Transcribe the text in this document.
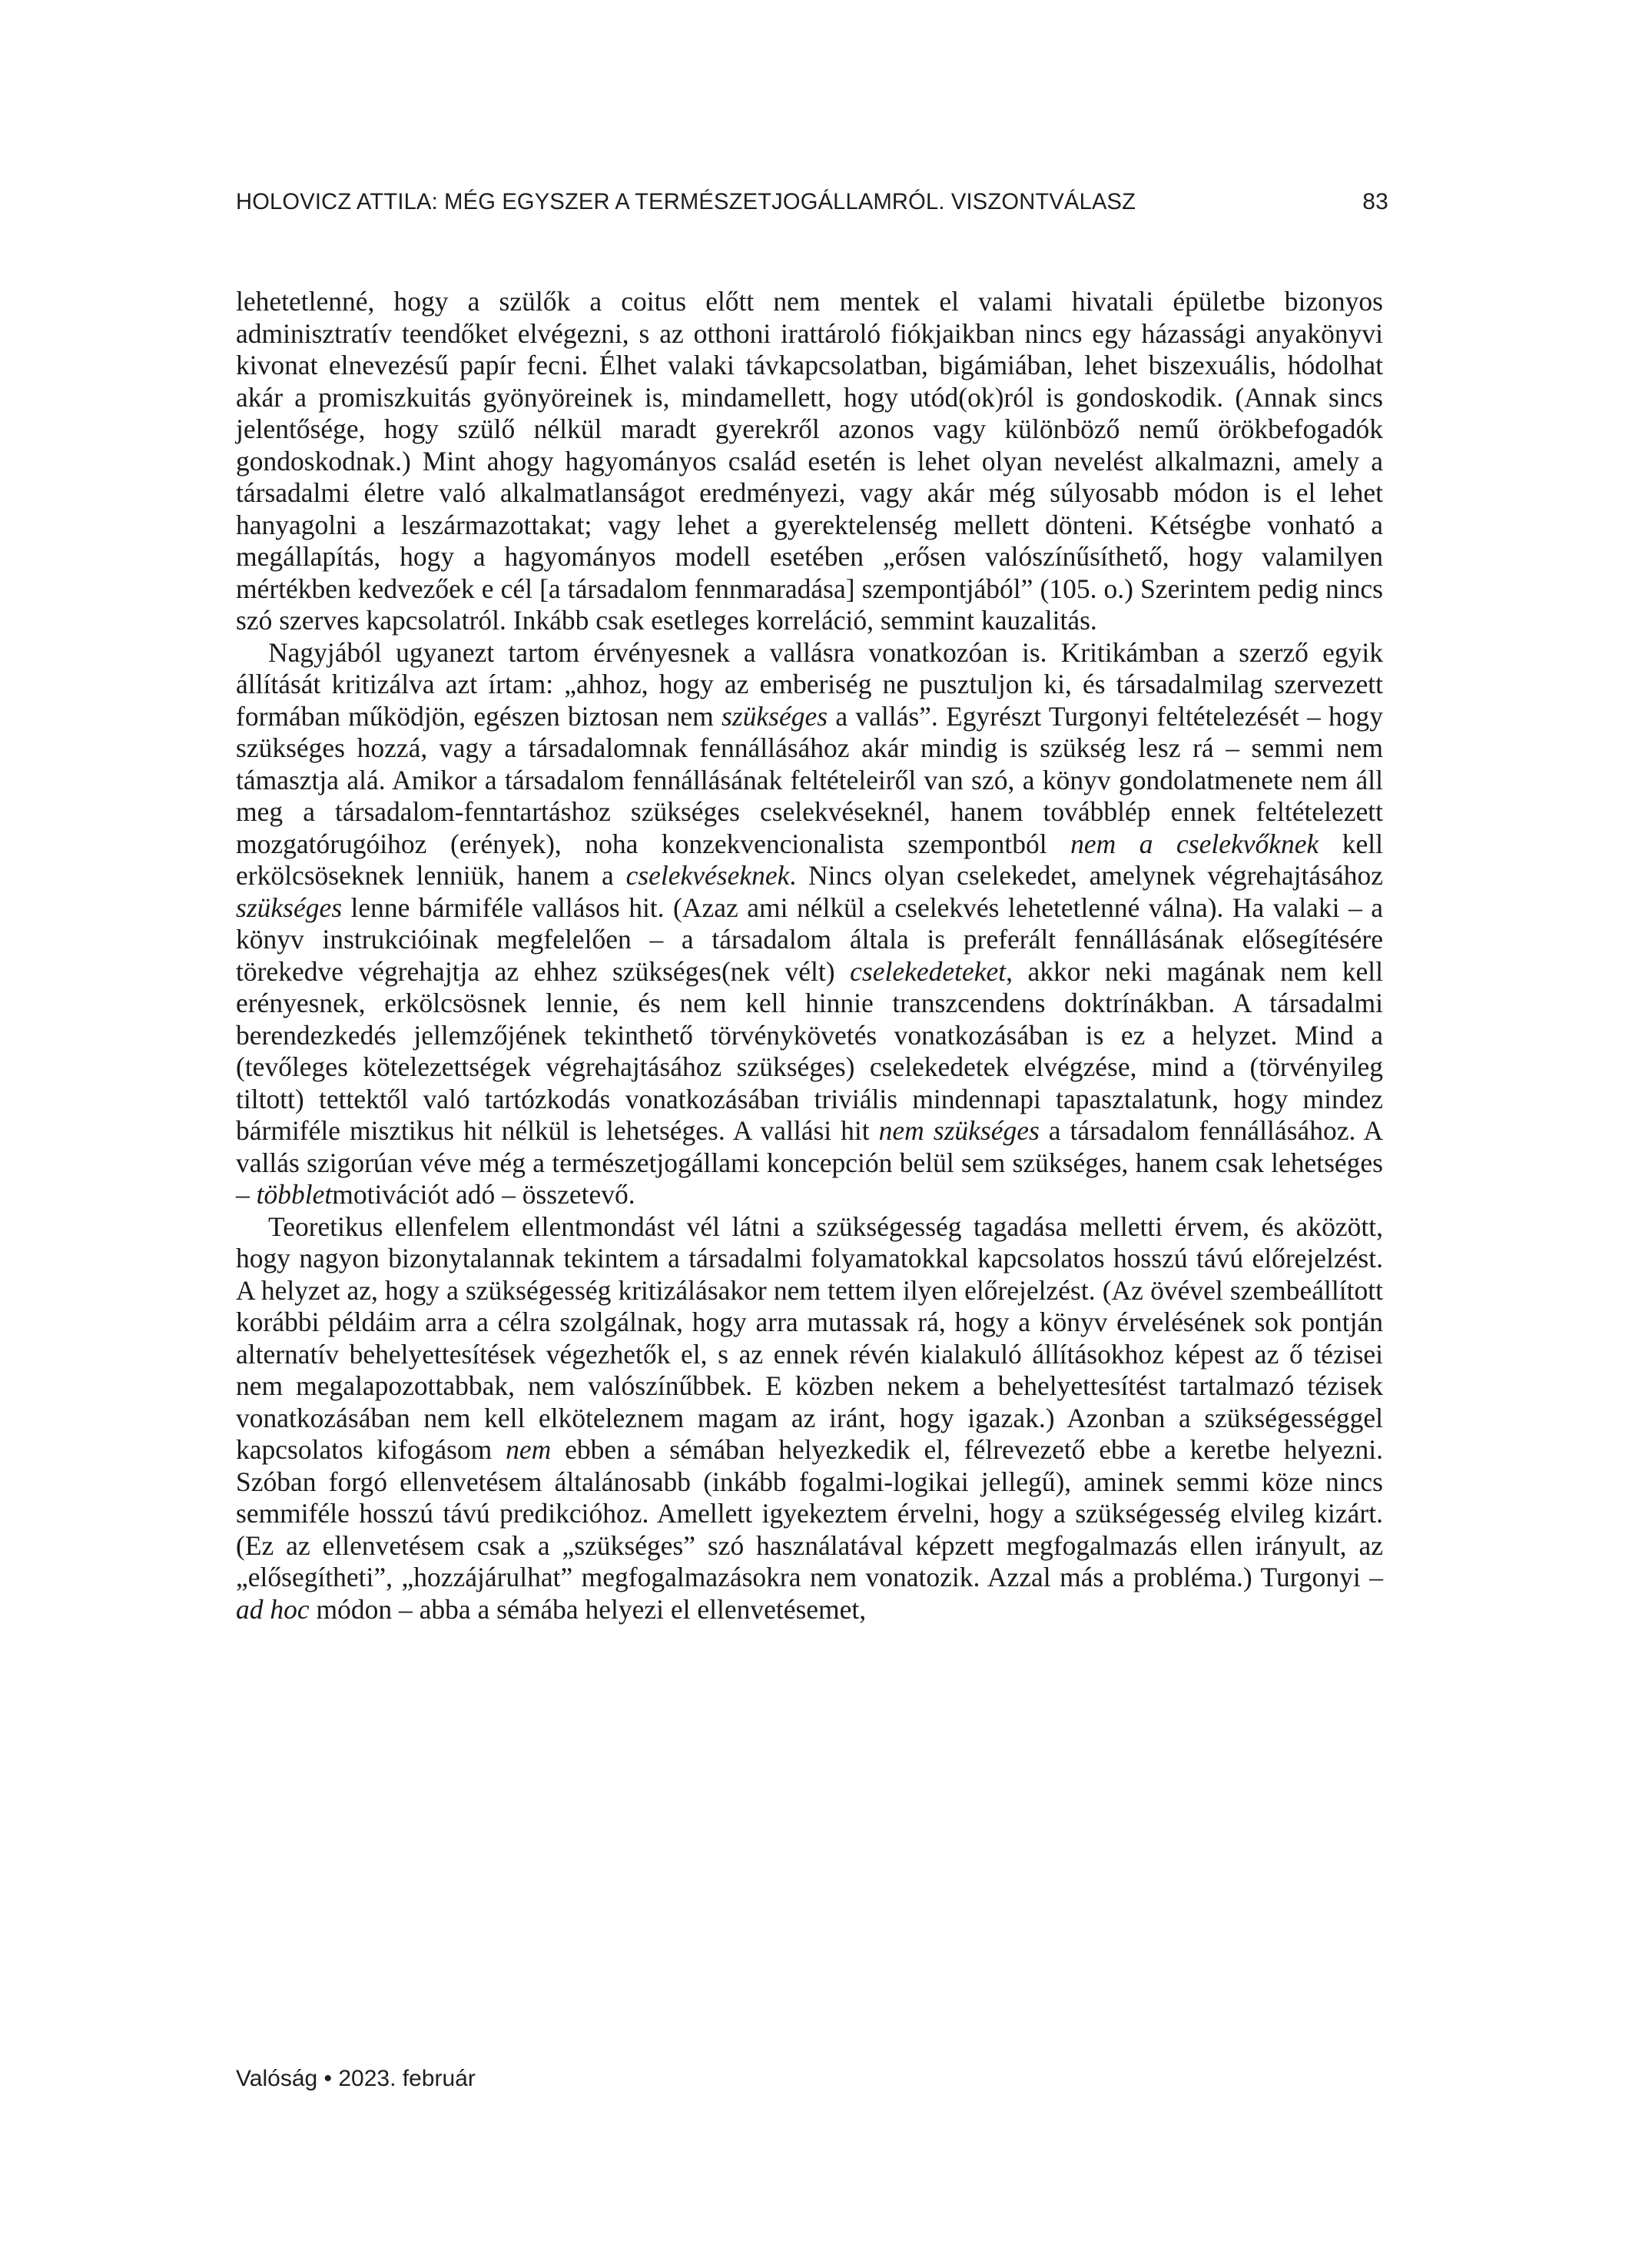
HOLOVICZ ATTILA: MÉG EGYSZER A TERMÉSZETJOGÁLLAMRÓL. VISZONTVÁLASZ	83

lehetetlenné, hogy a szülők a coitus előtt nem mentek el valami hivatali épületbe bizonyos adminisztratív teendőket elvégezni, s az otthoni irattároló fiókjaikban nincs egy házassági anyakönyvi kivonat elnevezésű papír fecni. Élhet valaki távkapcsolatban, bigámiában, lehet biszexuális, hódolhat akár a promiszkuitás gyönyöreinek is, mindamellett, hogy utód(ok)ról is gondoskodik. (Annak sincs jelentősége, hogy szülő nélkül maradt gyerekről azonos vagy különböző nemű örökbefogadók gondoskodnak.) Mint ahogy hagyományos család esetén is lehet olyan nevelést alkalmazni, amely a társadalmi életre való alkalmatlanságot eredményezi, vagy akár még súlyosabb módon is el lehet hanyagolni a leszármazottakat; vagy lehet a gyerektelenség mellett dönteni. Kétségbe vonható a megállapítás, hogy a hagyományos modell esetében „erősen valószínűsíthető, hogy valamilyen mértékben kedvezőek e cél [a társadalom fennmaradása] szempontjából” (105. o.) Szerintem pedig nincs szó szerves kapcsolatról. Inkább csak esetleges korreláció, semmint kauzalitás.

Nagyjából ugyanezt tartom érvényesnek a vallásra vonatkozóan is. Kritikámban a szerző egyik állítását kritizálva azt írtam: „ahhoz, hogy az emberiség ne pusztuljon ki, és társadalmilag szervezett formában működjön, egészen biztosan nem szükséges a vallás”. Egyrészt Turgonyi feltételezését – hogy szükséges hozzá, vagy a társadalomnak fennállásához akár mindig is szükség lesz rá – semmi nem támasztja alá. Amikor a társadalom fennállásának feltételeiről van szó, a könyv gondolatmenete nem áll meg a társadalom-fenntartáshoz szükséges cselekvéseknél, hanem továbblép ennek feltételezett mozgatórugóihoz (erények), noha konzekvencionalista szempontból nem a cselekvőknek kell erkölcsöseknek lenniük, hanem a cselekvéseknek. Nincs olyan cselekedet, amelynek végrehajtásához szükséges lenne bármiféle vallásos hit. (Azaz ami nélkül a cselekvés lehetetlenné válna). Ha valaki – a könyv instrukcióinak megfelelően – a társadalom általa is preferált fennállásának elősegítésére törekedve végrehajtja az ehhez szükséges(nek vélt) cselekedeteket, akkor neki magának nem kell erényesnek, erkölcsösnek lennie, és nem kell hinnie transzcendens doktrínákban. A társadalmi berendezkedés jellemzőjének tekinthető törvénykövetés vonatkozásában is ez a helyzet. Mind a (tevőleges kötelezettségek végrehajtásához szükséges) cselekedetek elvégzése, mind a (törvényileg tiltott) tettektől való tartózkodás vonatkozásában triviális mindennapi tapasztalatunk, hogy mindez bármiféle misztikus hit nélkül is lehetséges. A vallási hit nem szükséges a társadalom fennállásához. A vallás szigorúan véve még a természetjogállami koncepción belül sem szükséges, hanem csak lehetséges – többletmotivációt adó – összetevő.

Teoretikus ellenfelem ellentmondást vél látni a szükségesség tagadása melletti érvem, és aközött, hogy nagyon bizonytalannak tekintem a társadalmi folyamatokkal kapcsolatos hosszú távú előrejelzést. A helyzet az, hogy a szükségesség kritizálásakor nem tettem ilyen előrejelzést. (Az övével szembeállított korábbi példáim arra a célra szolgálnak, hogy arra mutassak rá, hogy a könyv érvelésének sok pontján alternatív behelyettesítések végezhetők el, s az ennek révén kialakuló állításokhoz képest az ő tézisei nem megalapozottabbak, nem valószínűbbek. E közben nekem a behelyettesítést tartalmazó tézisek vonatkozásában nem kell elköteleznem magam az iránt, hogy igazak.) Azonban a szükségességgel kapcsolatos kifogásom nem ebben a sémában helyezkedik el, félrevezető ebbe a keretbe helyezni. Szóban forgó ellenvetésem általánosabb (inkább fogalmi-logikai jellegű), aminek semmi köze nincs semmiféle hosszú távú predikcióhoz. Amellett igyekeztem érvelni, hogy a szükségesség elvileg kizárt. (Ez az ellenvetésem csak a „szükséges” szó használatával képzett megfogalmazás ellen irányult, az „elősegítheti”, „hozzájárulhat” megfogalmazásokra nem vonatozik. Azzal más a probléma.) Turgonyi – ad hoc módon – abba a sémába helyezi el ellenvetésemet,

Valóság • 2023. február
